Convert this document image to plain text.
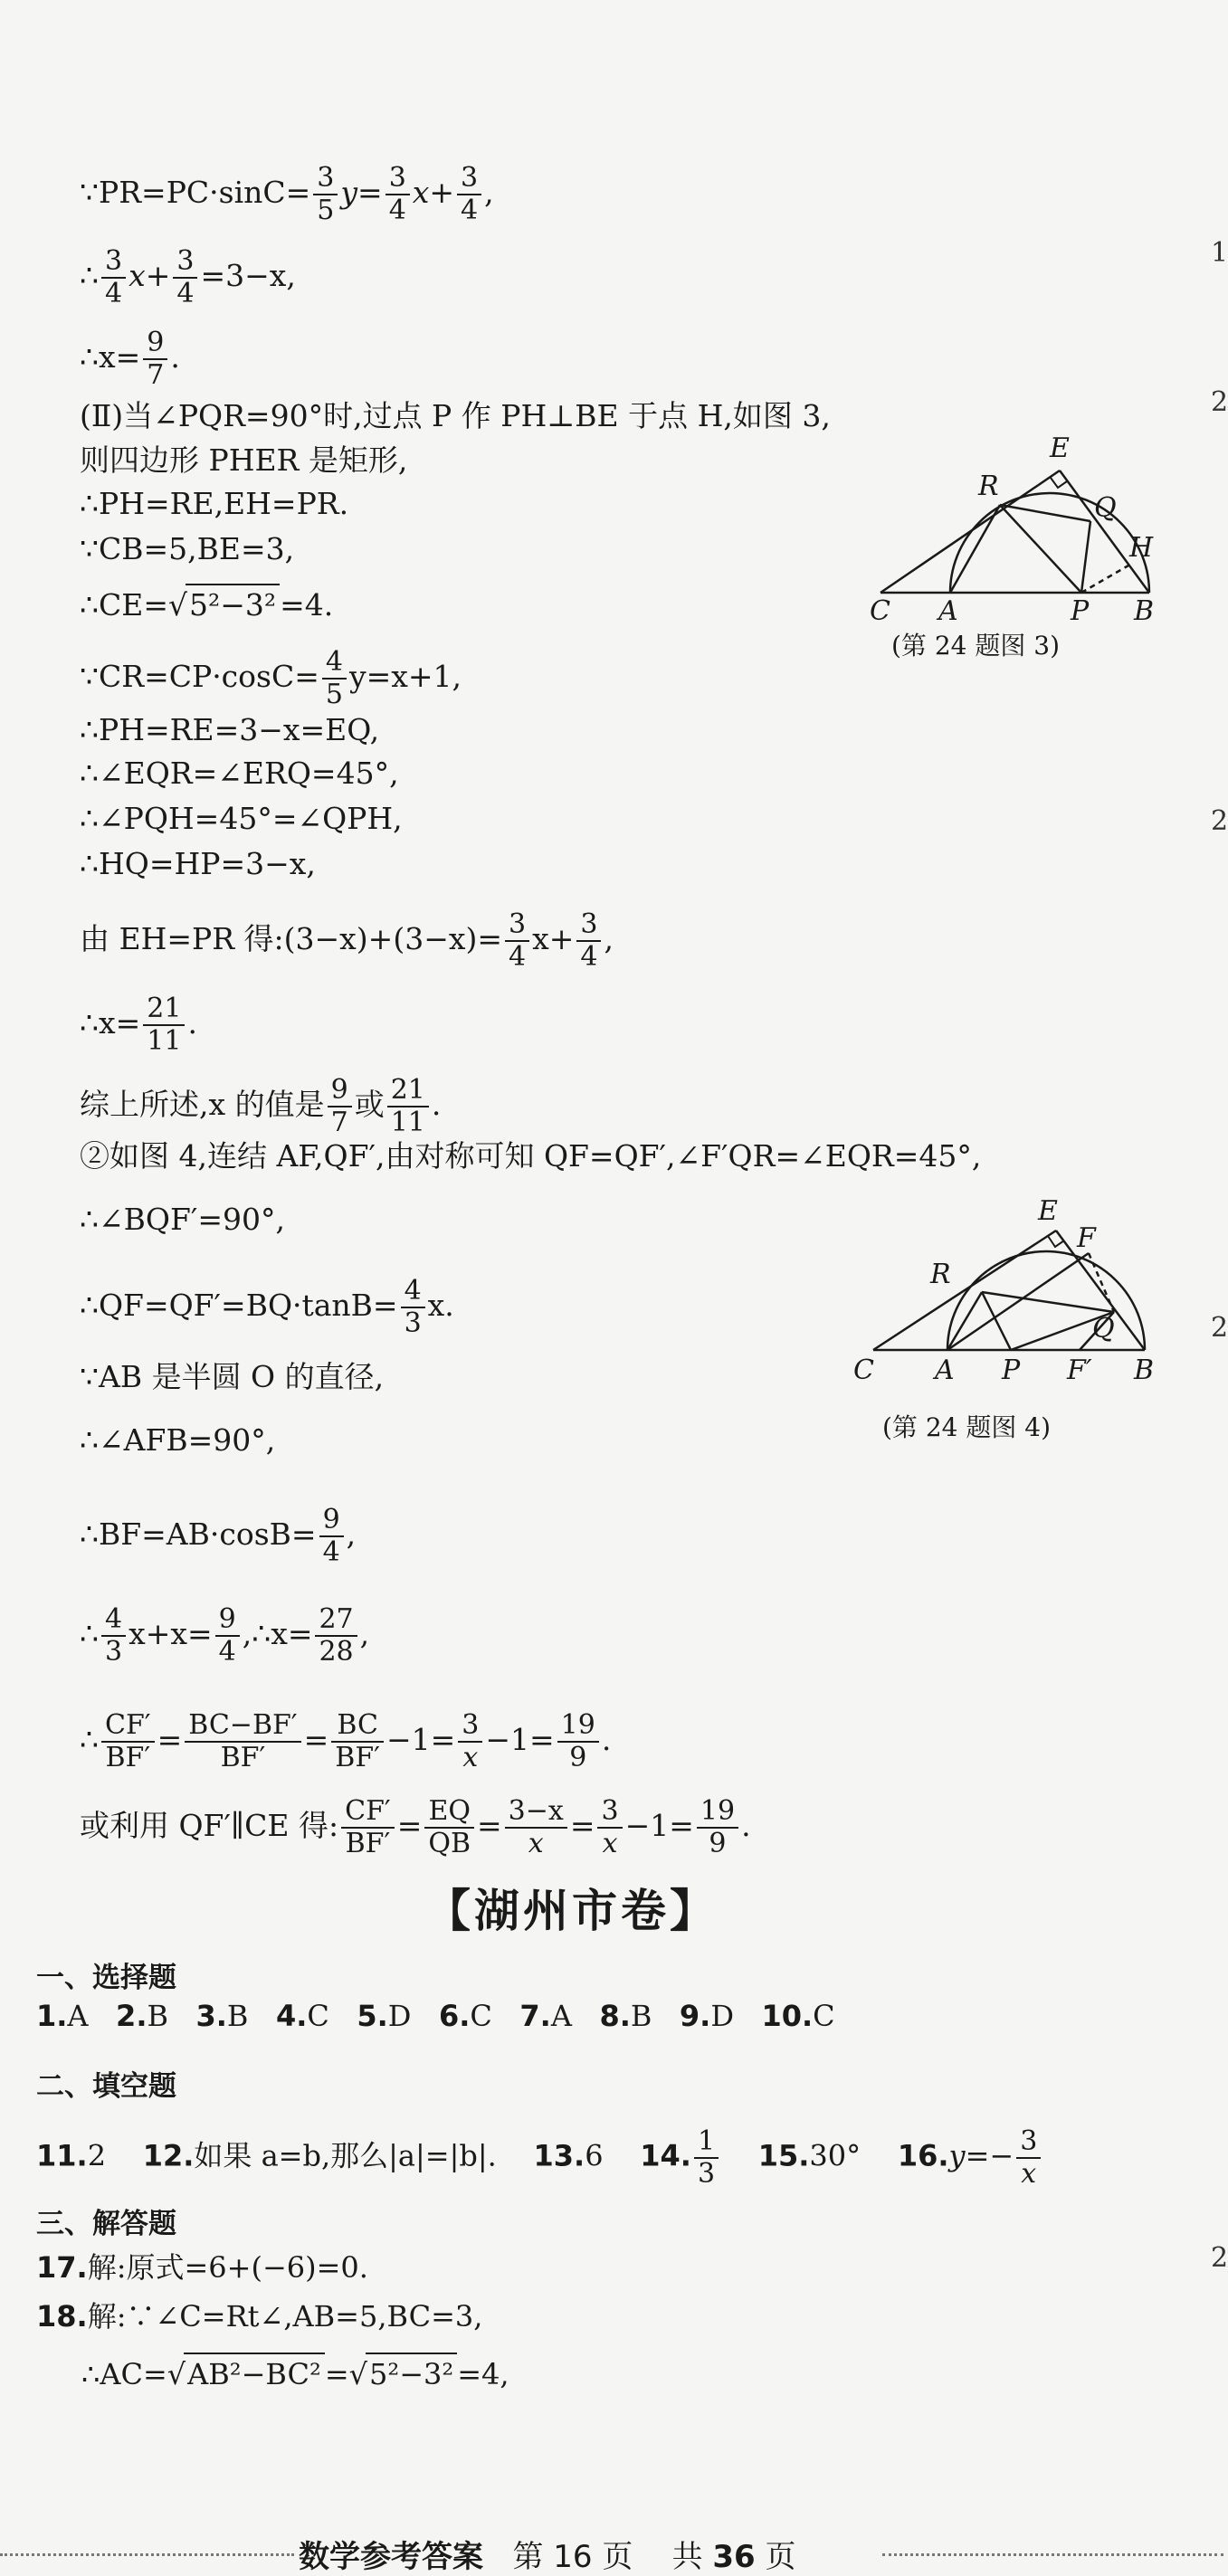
1
2
2
2
2
∵PR=PC·sinC= $\frac{3}{5} y= \frac{3}{4} x+ \frac{3}{4}$ ,
∴ $\frac{3}{4} x+ \frac{3}{4} =3-x$,
∴x= $\frac{9}{7}$ .
(Ⅱ)当∠PQR=90°时,过点 P 作 PH⊥BE 于点 H,如图 3,
则四边形 PHER 是矩形,
∴PH=RE,EH=PR.
∵CB=5,BE=3,
∴CE=√5²−3² =4.
∵CR=CP·cosC= $\frac{4}{5} y=x+1$,
∴PH=RE=3−x=EQ,
∴∠EQR=∠ERQ=45°,
∴∠PQH=45°=∠QPH,
∴HQ=HP=3−x,
由 EH=PR 得:(3−x)+(3−x)= $\frac{3}{4} x+ \frac{3}{4}$ ,
∴x= $\frac{21}{11}$ .
综上所述,x 的值是 $\frac{9}{7}$ 或 $\frac{21}{11}$ .
②如图 4,连结 AF,QF′,由对称可知 QF=QF′,∠F′QR=∠EQR=45°,
∴∠BQF′=90°,
∴QF=QF′=BQ·tanB= $\frac{4}{3} x$.
∵AB 是半圆 O 的直径,
∴∠AFB=90°,
∴BF=AB·cosB= $\frac{9}{4}$ ,
∴ $\frac{4}{3} x+x= \frac{9}{4}$ ,∴x= $\frac{27}{28}$ ,
∴ $\frac{CF'}{BF'} = \frac{BC-BF'}{BF'} = \frac{BC}{BF'} -1= \frac{3}{x} -1= \frac{19}{9}$ .
或利用 QF′∥CE 得: $\frac{CF'}{BF'} = \frac{EQ}{QB} = \frac{3-x}{x} = \frac{3}{x} -1= \frac{19}{9}$ .
E
R
Q
H
C A	P B
(第 24 题图 3)
E
F
R
Q
C A P F′ B
(第 24 题图 4)
【湖州市卷】
一、选择题
1.A 2.B 3.B 4.C 5.D 6.C 7.A 8.B 9.D 10.C
二、填空题
11.2 12.如果 a=b,那么|a|=|b|. 13.6 14. $\frac{1}{3} 15.30^\circ$ $16.y=- \frac{3}{x}$
三、解答题
17.解:原式=6+(−6)=0.
18.解:∵∠C=Rt∠,AB=5,BC=3,
∴AC=√AB²−BC² =√5²−3² =4,
数学参考答案 第 16 页 共 36 页
